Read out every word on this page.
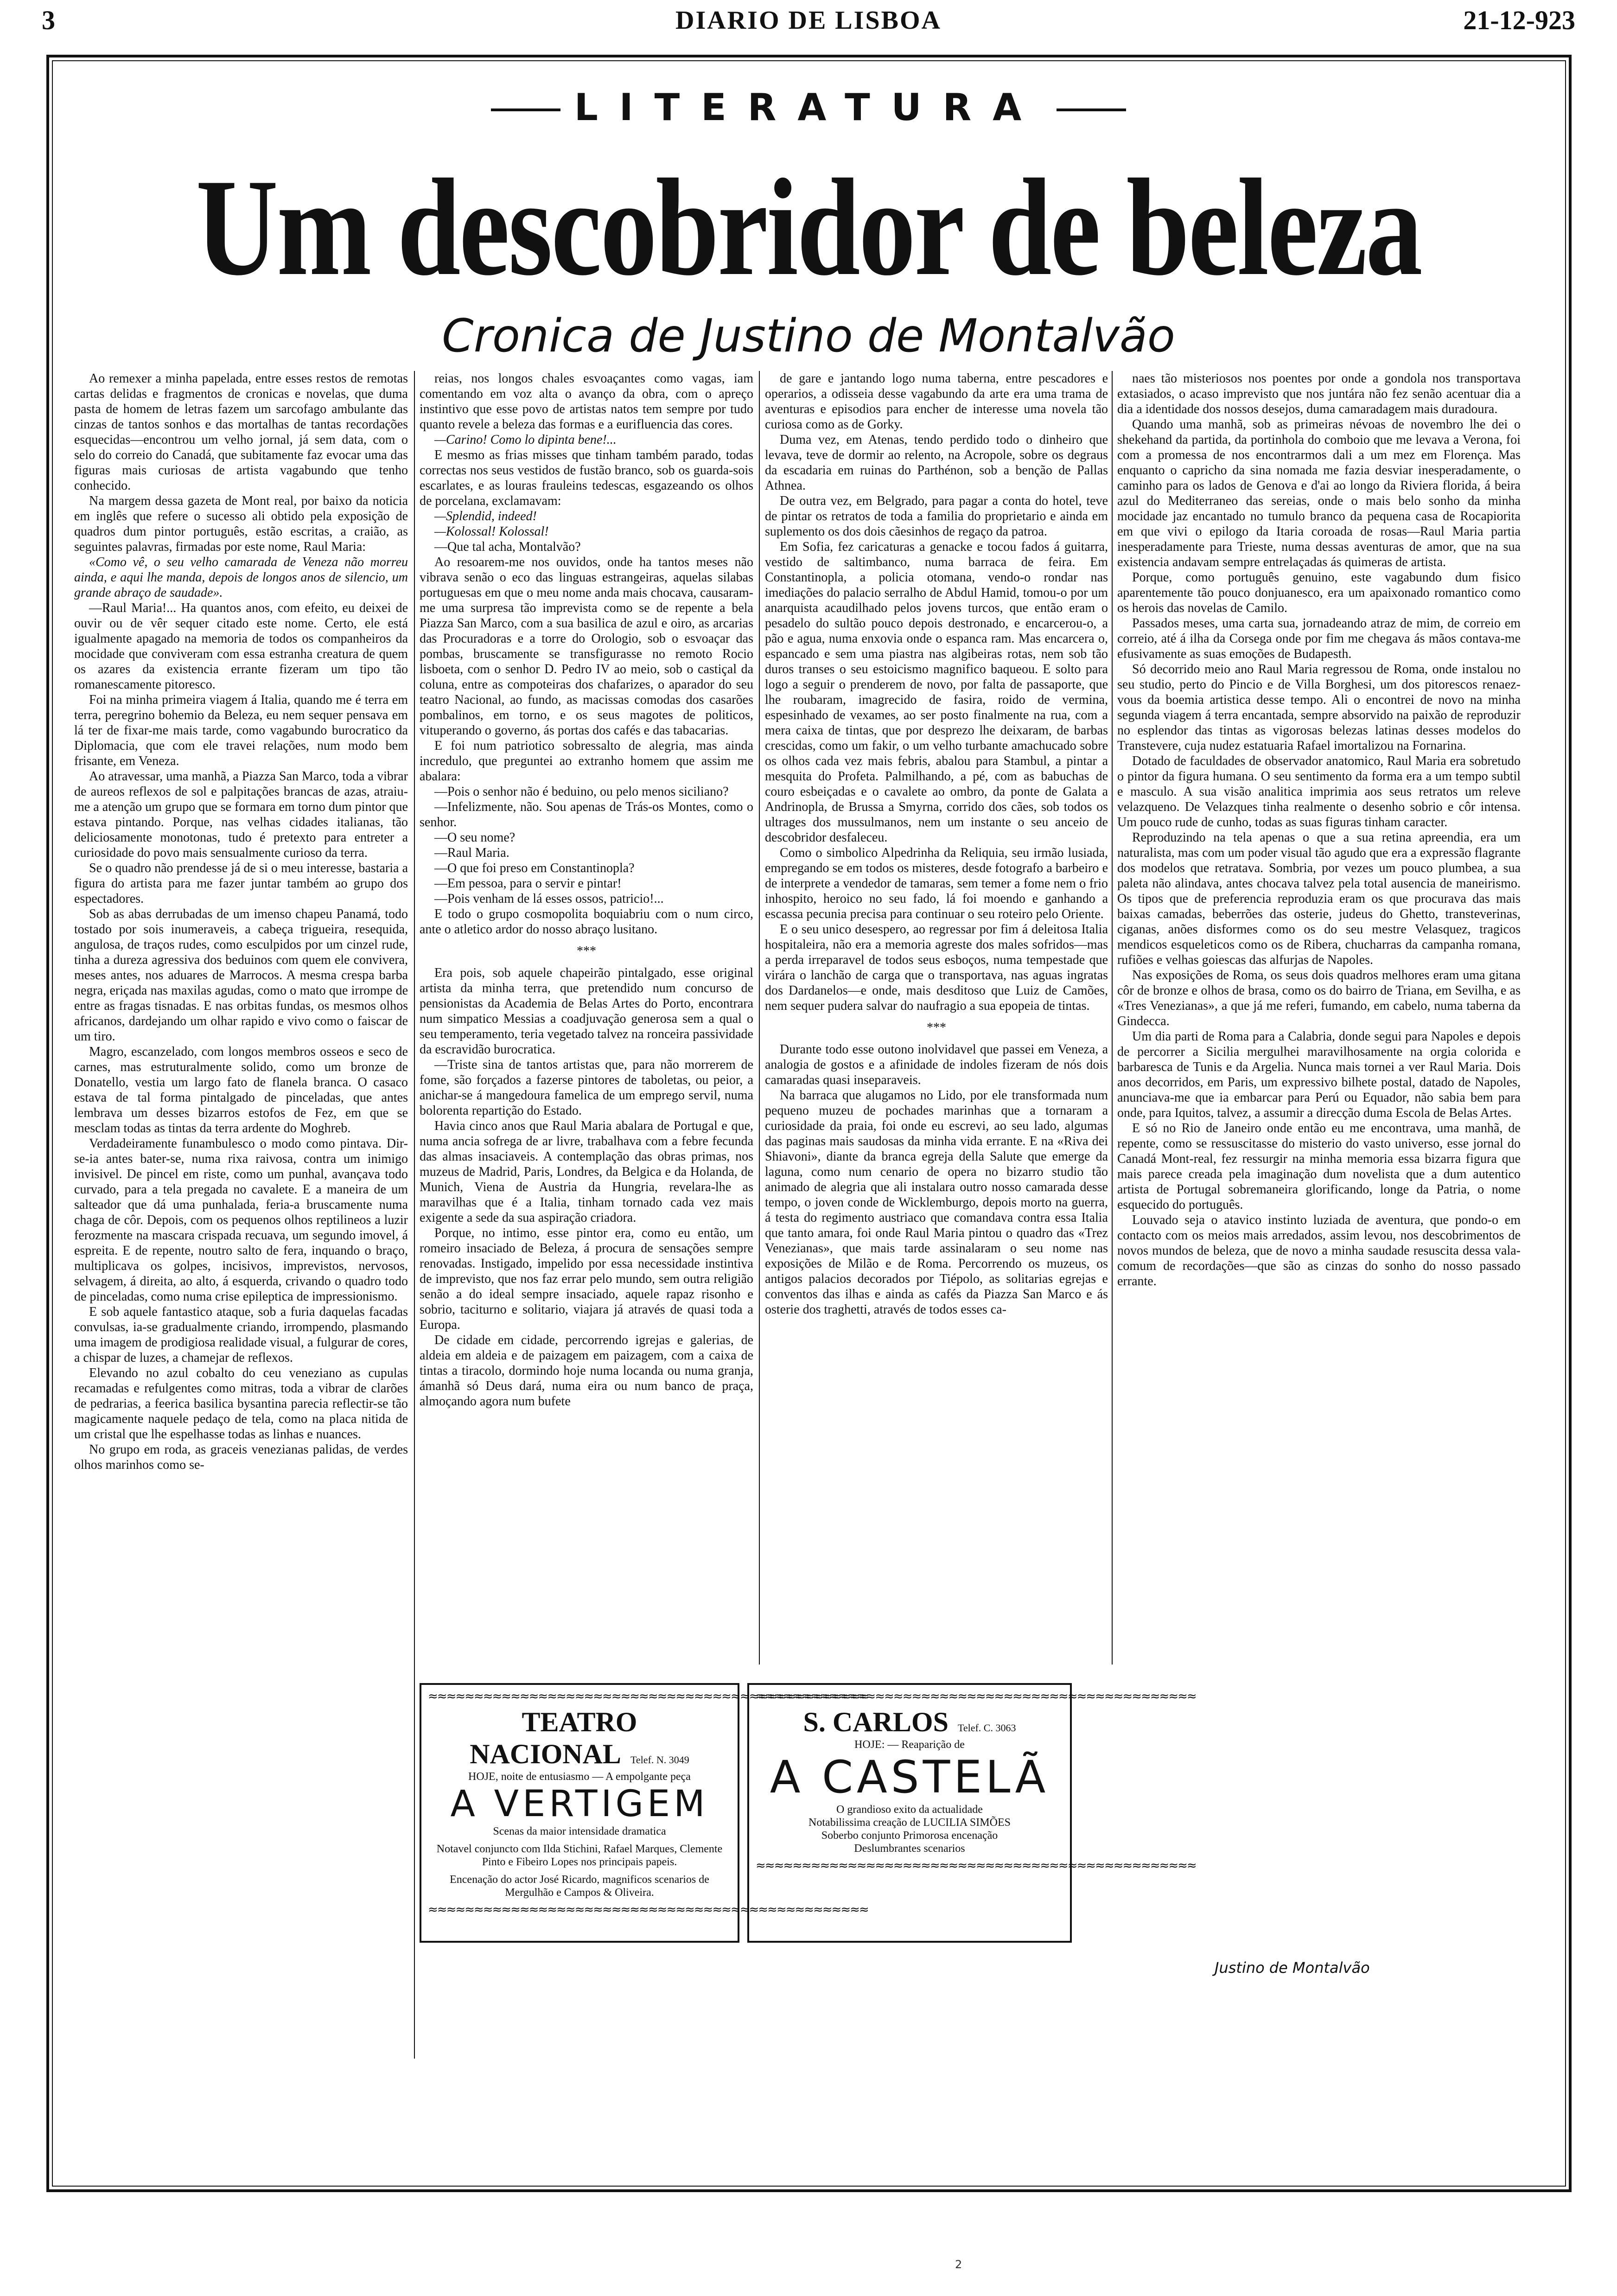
3	DIARIO DE LISBOA	21-12-923
LITERATURA
Um descobridor de beleza
Cronica de Justino de Montalvão

Ao remexer a minha papelada, entre esses restos de remotas cartas delidas e fragmentos de cronicas e novelas, que duma pasta de homem de letras fazem um sarcofago ambulante das cinzas de tantos sonhos e das mortalhas de tantas recordações esquecidas—encontrou um velho jornal, já sem data, com o selo do correio do Canadá, que subitamente faz evocar uma das figuras mais curiosas de artista vagabundo que tenho conhecido.

Na margem dessa gazeta de Mont real, por baixo da noticia em inglês que refere o sucesso ali obtido pela exposição de quadros dum pintor português, estão escritas, a craião, as seguintes palavras, firmadas por este nome, Raul Maria:

«Como vê, o seu velho camarada de Veneza não morreu ainda, e aqui lhe manda, depois de longos anos de silencio, um grande abraço de saudade».

—Raul Maria!... Ha quantos anos, com efeito, eu deixei de ouvir ou de vêr sequer citado este nome. Certo, ele está igualmente apagado na memoria de todos os companheiros da mocidade que conviveram com essa estranha creatura de quem os azares da existencia errante fizeram um tipo tão romanescamente pitoresco.

Foi na minha primeira viagem á Italia, quando me é terra em terra, peregrino bohemio da Beleza, eu nem sequer pensava em lá ter de fixar-me mais tarde, como vagabundo burocratico da Diplomacia, que com ele travei relações, num modo bem frisante, em Veneza.

Ao atravessar, uma manhã, a Piazza San Marco, toda a vibrar de aureos reflexos de sol e palpitações brancas de azas, atraiu-me a atenção um grupo que se formara em torno dum pintor que estava pintando. Porque, nas velhas cidades italianas, tão deliciosamente monotonas, tudo é pretexto para entreter a curiosidade do povo mais sensualmente curioso da terra.

Se o quadro não prendesse já de si o meu interesse, bastaria a figura do artista para me fazer juntar também ao grupo dos espectadores.

Sob as abas derrubadas de um imenso chapeu Panamá, todo tostado por sois inumeraveis, a cabeça trigueira, resequida, angulosa, de traços rudes, como esculpidos por um cinzel rude, tinha a dureza agressiva dos beduinos com quem ele convivera, meses antes, nos aduares de Marrocos. A mesma crespa barba negra, eriçada nas maxilas agudas, como o mato que irrompe de entre as fragas tisnadas. E nas orbitas fundas, os mesmos olhos africanos, dardejando um olhar rapido e vivo como o faiscar de um tiro.

Magro, escanzelado, com longos membros osseos e seco de carnes, mas estruturalmente solido, como um bronze de Donatello, vestia um largo fato de flanela branca. O casaco estava de tal forma pintalgado de pinceladas, que antes lembrava um desses bizarros estofos de Fez, em que se mesclam todas as tintas da terra ardente do Moghreb.

Verdadeiramente funambulesco o modo como pintava. Dir-se-ia antes bater-se, numa rixa raivosa, contra um inimigo invisivel. De pincel em riste, como um punhal, avançava todo curvado, para a tela pregada no cavalete. E a maneira de um salteador que dá uma punhalada, feria-a bruscamente numa chaga de côr. Depois, com os pequenos olhos reptilineos a luzir ferozmente na mascara crispada recuava, um segundo imovel, á espreita. E de repente, noutro salto de fera, inquando o braço, multiplicava os golpes, incisivos, imprevistos, nervosos, selvagem, á direita, ao alto, á esquerda, crivando o quadro todo de pinceladas, como numa crise epileptica de impressionismo.

E sob aquele fantastico ataque, sob a furia daquelas facadas convulsas, ia-se gradualmente criando, irrompendo, plasmando uma imagem de prodigiosa realidade visual, a fulgurar de cores, a chispar de luzes, a chamejar de reflexos.

Elevando no azul cobalto do ceu veneziano as cupulas recamadas e refulgentes como mitras, toda a vibrar de clarões de pedrarias, a feerica basilica bysantina parecia reflectir-se tão magicamente naquele pedaço de tela, como na placa nitida de um cristal que lhe espelhasse todas as linhas e nuances.

No grupo em roda, as graceis venezianas palidas, de verdes olhos marinhos como se-

reias, nos longos chales esvoaçantes como vagas, iam comentando em voz alta o avanço da obra, com o apreço instintivo que esse povo de artistas natos tem sempre por tudo quanto revele a beleza das formas e a eurifluencia das cores.

—Carino! Como lo dipinta bene!...

E mesmo as frias misses que tinham também parado, todas correctas nos seus vestidos de fustão branco, sob os guarda-sois escarlates, e as louras frauleins tedescas, esgazeando os olhos de porcelana, exclamavam:

—Splendid, indeed!

—Kolossal! Kolossal!

—Que tal acha, Montalvão?

Ao resoarem-me nos ouvidos, onde ha tantos meses não vibrava senão o eco das linguas estrangeiras, aquelas silabas portuguesas em que o meu nome anda mais chocava, causaram-me uma surpresa tão imprevista como se de repente a bela Piazza San Marco, com a sua basilica de azul e oiro, as arcarias das Procuradoras e a torre do Orologio, sob o esvoaçar das pombas, bruscamente se transfigurasse no remoto Rocio lisboeta, com o senhor D. Pedro IV ao meio, sob o castiçal da coluna, entre as compoteiras dos chafarizes, o aparador do seu teatro Nacional, ao fundo, as macissas comodas dos casarões pombalinos, em torno, e os seus magotes de politicos, vituperando o governo, ás portas dos cafés e das tabacarias.

E foi num patriotico sobressalto de alegria, mas ainda incredulo, que preguntei ao extranho homem que assim me abalara:

—Pois o senhor não é beduino, ou pelo menos siciliano?

—Infelizmente, não. Sou apenas de Trás-os Montes, como o senhor.

—O seu nome?

—Raul Maria.

—O que foi preso em Constantinopla?

—Em pessoa, para o servir e pintar!

—Pois venham de lá esses ossos, patricio!...

E todo o grupo cosmopolita boquiabriu com o num circo, ante o atletico ardor do nosso abraço lusitano.

***

Era pois, sob aquele chapeirão pintalgado, esse original artista da minha terra, que pretendido num concurso de pensionistas da Academia de Belas Artes do Porto, encontrara num simpatico Messias a coadjuvação generosa sem a qual o seu temperamento, teria vegetado talvez na ronceira passividade da escravidão burocratica.

—Triste sina de tantos artistas que, para não morrerem de fome, são forçados a fazerse pintores de taboletas, ou peior, a anichar-se á mangedoura famelica de um emprego servil, numa bolorenta repartição do Estado.

Havia cinco anos que Raul Maria abalara de Portugal e que, numa ancia sofrega de ar livre, trabalhava com a febre fecunda das almas insaciaveis. A contemplação das obras primas, nos muzeus de Madrid, Paris, Londres, da Belgica e da Holanda, de Munich, Viena de Austria da Hungria, revelara-lhe as maravilhas que é a Italia, tinham tornado cada vez mais exigente a sede da sua aspiração criadora.

Porque, no intimo, esse pintor era, como eu então, um romeiro insaciado de Beleza, á procura de sensações sempre renovadas. Instigado, impelido por essa necessidade instintiva de imprevisto, que nos faz errar pelo mundo, sem outra religião senão a do ideal sempre insaciado, aquele rapaz risonho e sobrio, taciturno e solitario, viajara já através de quasi toda a Europa.

De cidade em cidade, percorrendo igrejas e galerias, de aldeia em aldeia e de paizagem em paizagem, com a caixa de tintas a tiracolo, dormindo hoje numa locanda ou numa granja, ámanhã só Deus dará, numa eira ou num banco de praça, almoçando agora num bufete

de gare e jantando logo numa taberna, entre pescadores e operarios, a odisseia desse vagabundo da arte era uma trama de aventuras e episodios para encher de interesse uma novela tão curiosa como as de Gorky.

Duma vez, em Atenas, tendo perdido todo o dinheiro que levava, teve de dormir ao relento, na Acropole, sobre os degraus da escadaria em ruinas do Parthénon, sob a benção de Pallas Athnea.

De outra vez, em Belgrado, para pagar a conta do hotel, teve de pintar os retratos de toda a familia do proprietario e ainda em suplemento os dos dois cãesinhos de regaço da patroa.

Em Sofia, fez caricaturas a genacke e tocou fados á guitarra, vestido de saltimbanco, numa barraca de feira. Em Constantinopla, a policia otomana, vendo-o rondar nas imediações do palacio serralho de Abdul Hamid, tomou-o por um anarquista acaudilhado pelos jovens turcos, que então eram o pesadelo do sultão pouco depois destronado, e encarcerou-o, a pão e agua, numa enxovia onde o espanca ram. Mas encarcera o, espancado e sem uma piastra nas algibeiras rotas, nem sob tão duros transes o seu estoicismo magnifico baqueou. E solto para logo a seguir o prenderem de novo, por falta de passaporte, que lhe roubaram, imagrecido de fasira, roido de vermina, espesinhado de vexames, ao ser posto finalmente na rua, com a mera caixa de tintas, que por desprezo lhe deixaram, de barbas crescidas, como um fakir, o um velho turbante amachucado sobre os olhos cada vez mais febris, abalou para Stambul, a pintar a mesquita do Profeta. Palmilhando, a pé, com as babuchas de couro esbeiçadas e o cavalete ao ombro, da ponte de Galata a Andrinopla, de Brussa a Smyrna, corrido dos cães, sob todos os ultrages dos mussulmanos, nem um instante o seu anceio de descobridor desfaleceu.

Como o simbolico Alpedrinha da Reliquia, seu irmão lusiada, empregando se em todos os misteres, desde fotografo a barbeiro e de interprete a vendedor de tamaras, sem temer a fome nem o frio inhospito, heroico no seu fado, lá foi moendo e ganhando a escassa pecunia precisa para continuar o seu roteiro pelo Oriente.

E o seu unico desespero, ao regressar por fim á deleitosa Italia hospitaleira, não era a memoria agreste dos males sofridos—mas a perda irreparavel de todos seus esboços, numa tempestade que virára o lanchão de carga que o transportava, nas aguas ingratas dos Dardanelos—e onde, mais desditoso que Luiz de Camões, nem sequer pudera salvar do naufragio a sua epopeia de tintas.

***

Durante todo esse outono inolvidavel que passei em Veneza, a analogia de gostos e a afinidade de indoles fizeram de nós dois camaradas quasi inseparaveis.

Na barraca que alugamos no Lido, por ele transformada num pequeno muzeu de pochades marinhas que a tornaram a curiosidade da praia, foi onde eu escrevi, ao seu lado, algumas das paginas mais saudosas da minha vida errante. E na «Riva dei Shiavoni», diante da branca egreja della Salute que emerge da laguna, como num cenario de opera no bizarro studio tão animado de alegria que ali instalara outro nosso camarada desse tempo, o joven conde de Wicklemburgo, depois morto na guerra, á testa do regimento austriaco que comandava contra essa Italia que tanto amara, foi onde Raul Maria pintou o quadro das «Trez Venezianas», que mais tarde assinalaram o seu nome nas exposições de Milão e de Roma. Percorrendo os muzeus, os antigos palacios decorados por Tiépolo, as solitarias egrejas e conventos das ilhas e ainda as cafés da Piazza San Marco e ás osterie dos traghetti, através de todos esses ca-

naes tão misteriosos nos poentes por onde a gondola nos transportava extasiados, o acaso imprevisto que nos juntára não fez senão acentuar dia a dia a identidade dos nossos desejos, duma camaradagem mais duradoura.

Quando uma manhã, sob as primeiras névoas de novembro lhe dei o shekehand da partida, da portinhola do comboio que me levava a Verona, foi com a promessa de nos encontrarmos dali a um mez em Florença. Mas enquanto o capricho da sina nomada me fazia desviar inesperadamente, o caminho para os lados de Genova e d'ai ao longo da Riviera florida, á beira azul do Mediterraneo das sereias, onde o mais belo sonho da minha mocidade jaz encantado no tumulo branco da pequena casa de Rocapiorita em que vivi o epilogo da Itaria coroada de rosas—Raul Maria partia inesperadamente para Trieste, numa dessas aventuras de amor, que na sua existencia andavam sempre entrelaçadas ás quimeras de artista.

Porque, como português genuino, este vagabundo dum fisico aparentemente tão pouco donjuanesco, era um apaixonado romantico como os herois das novelas de Camilo.

Passados meses, uma carta sua, jornadeando atraz de mim, de correio em correio, até á ilha da Corsega onde por fim me chegava ás mãos contava-me efusivamente as suas emoções de Budapesth.

Só decorrido meio ano Raul Maria regressou de Roma, onde instalou no seu studio, perto do Pincio e de Villa Borghesi, um dos pitorescos renaez-vous da boemia artistica desse tempo. Ali o encontrei de novo na minha segunda viagem á terra encantada, sempre absorvido na paixão de reproduzir no esplendor das tintas as vigorosas belezas latinas desses modelos do Transtevere, cuja nudez estatuaria Rafael imortalizou na Fornarina.

Dotado de faculdades de observador anatomico, Raul Maria era sobretudo o pintor da figura humana. O seu sentimento da forma era a um tempo subtil e masculo. A sua visão analitica imprimia aos seus retratos um releve velazqueno. De Velazques tinha realmente o desenho sobrio e côr intensa. Um pouco rude de cunho, todas as suas figuras tinham caracter.

Reproduzindo na tela apenas o que a sua retina apreendia, era um naturalista, mas com um poder visual tão agudo que era a expressão flagrante dos modelos que retratava. Sombria, por vezes um pouco plumbea, a sua paleta não alindava, antes chocava talvez pela total ausencia de maneirismo. Os tipos que de preferencia reproduzia eram os que procurava das mais baixas camadas, beberrões das osterie, judeus do Ghetto, transteverinas, ciganas, anões disformes como os do seu mestre Velasquez, tragicos mendicos esqueleticos como os de Ribera, chucharras da campanha romana, rufiões e velhas goiescas das alfurjas de Napoles.

Nas exposições de Roma, os seus dois quadros melhores eram uma gitana côr de bronze e olhos de brasa, como os do bairro de Triana, em Sevilha, e as «Tres Venezianas», a que já me referi, fumando, em cabelo, numa taberna da Gindecca.

Um dia parti de Roma para a Calabria, donde segui para Napoles e depois de percorrer a Sicilia mergulhei maravilhosamente na orgia colorida e barbaresca de Tunis e da Argelia. Nunca mais tornei a ver Raul Maria. Dois anos decorridos, em Paris, um expressivo bilhete postal, datado de Napoles, anunciava-me que ia embarcar para Perú ou Equador, não sabia bem para onde, para Iquitos, talvez, a assumir a direcção duma Escola de Belas Artes.

E só no Rio de Janeiro onde então eu me encontrava, uma manhã, de repente, como se ressuscitasse do misterio do vasto universo, esse jornal do Canadá Mont-real, fez ressurgir na minha memoria essa bizarra figura que mais parece creada pela imaginação dum novelista que a dum autentico artista de Portugal sobremaneira glorificando, longe da Patria, o nome esquecido do português.

Louvado seja o atavico instinto luziada de aventura, que pondo-o em contacto com os meios mais arredados, assim levou, nos descobrimentos de novos mundos de beleza, que de novo a minha saudade resuscita dessa vala-comum de recordações—que são as cinzas do sonho do nosso passado errante.

≈≈≈≈≈≈≈≈≈≈≈≈≈≈≈≈≈≈≈≈≈≈≈≈≈≈≈≈≈≈≈≈≈≈≈≈≈≈≈≈≈≈≈≈≈≈≈≈
TEATRO NACIONAL Telef. N. 3049
HOJE, noite de entusiasmo — A empolgante peça
A VERTIGEM
Scenas da maior intensidade dramatica
Notavel conjuncto com Ilda Stichini, Rafael Marques, Clemente Pinto e Fibeiro Lopes nos principais papeis.
Encenação do actor José Ricardo, magnificos scenarios de Mergulhão e Campos & Oliveira.
≈≈≈≈≈≈≈≈≈≈≈≈≈≈≈≈≈≈≈≈≈≈≈≈≈≈≈≈≈≈≈≈≈≈≈≈≈≈≈≈≈≈≈≈≈≈≈≈
≈≈≈≈≈≈≈≈≈≈≈≈≈≈≈≈≈≈≈≈≈≈≈≈≈≈≈≈≈≈≈≈≈≈≈≈≈≈≈≈≈≈≈≈≈≈≈≈
S. CARLOS Telef. C. 3063
HOJE: — Reaparição de
A CASTELÃ
O grandioso exito da actualidade
Notabilissima creação de LUCILIA SIMÕES
Soberbo conjunto Primorosa encenação
Deslumbrantes scenarios
≈≈≈≈≈≈≈≈≈≈≈≈≈≈≈≈≈≈≈≈≈≈≈≈≈≈≈≈≈≈≈≈≈≈≈≈≈≈≈≈≈≈≈≈≈≈≈≈
Justino de Montalvão
2
